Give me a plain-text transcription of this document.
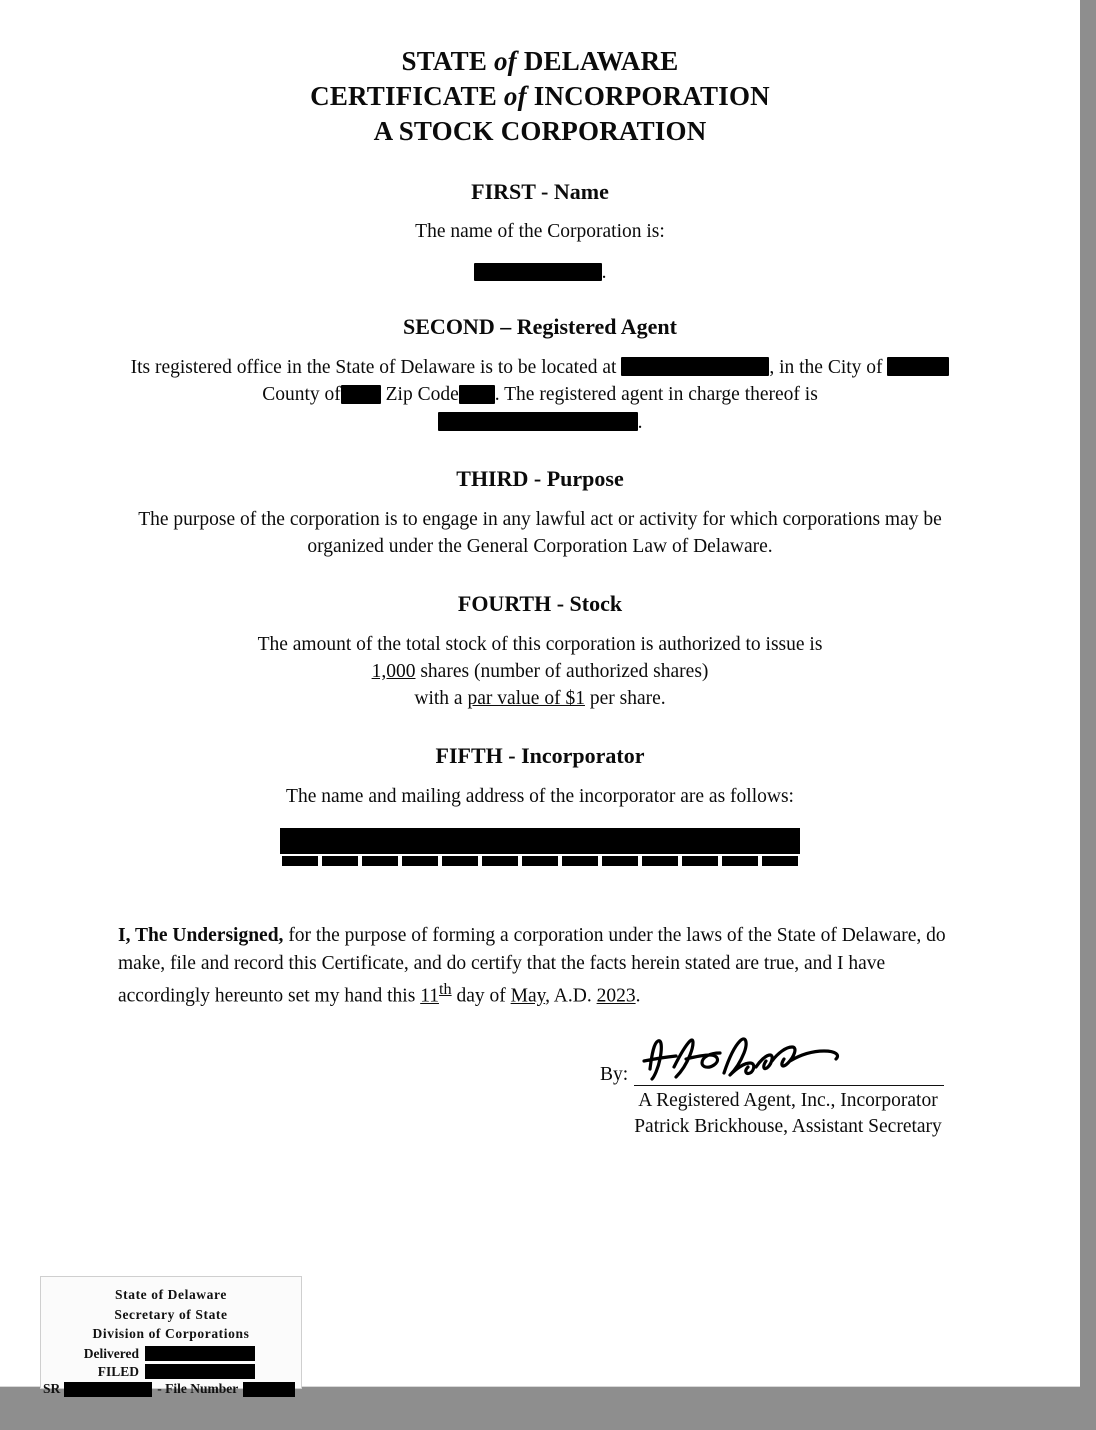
STATE of DELAWARE
CERTIFICATE of INCORPORATION
A STOCK CORPORATION
FIRST - Name
The name of the Corporation is:
.
SECOND – Registered Agent
Its registered office in the State of Delaware is to be located at	, in the City of County of Zip Code . The registered agent in charge thereof is
.
THIRD - Purpose
The purpose of the corporation is to engage in any lawful act or activity for which corporations may be organized under the General Corporation Law of Delaware.
FOURTH - Stock
The amount of the total stock of this corporation is authorized to issue is
1,000 shares (number of authorized shares)
with a par value of $1 per share.
FIFTH - Incorporator
The name and mailing address of the incorporator are as follows:
I, The Undersigned, for the purpose of forming a corporation under the laws of the State of Delaware, do make, file and record this Certificate, and do certify that the facts herein stated are true, and I have accordingly hereunto set my hand this 11th day of May, A.D. 2023.
By:
A Registered Agent, Inc., Incorporator
Patrick Brickhouse, Assistant Secretary
State of Delaware
Secretary of State
Division of Corporations
Delivered
FILED
SR	- File Number
